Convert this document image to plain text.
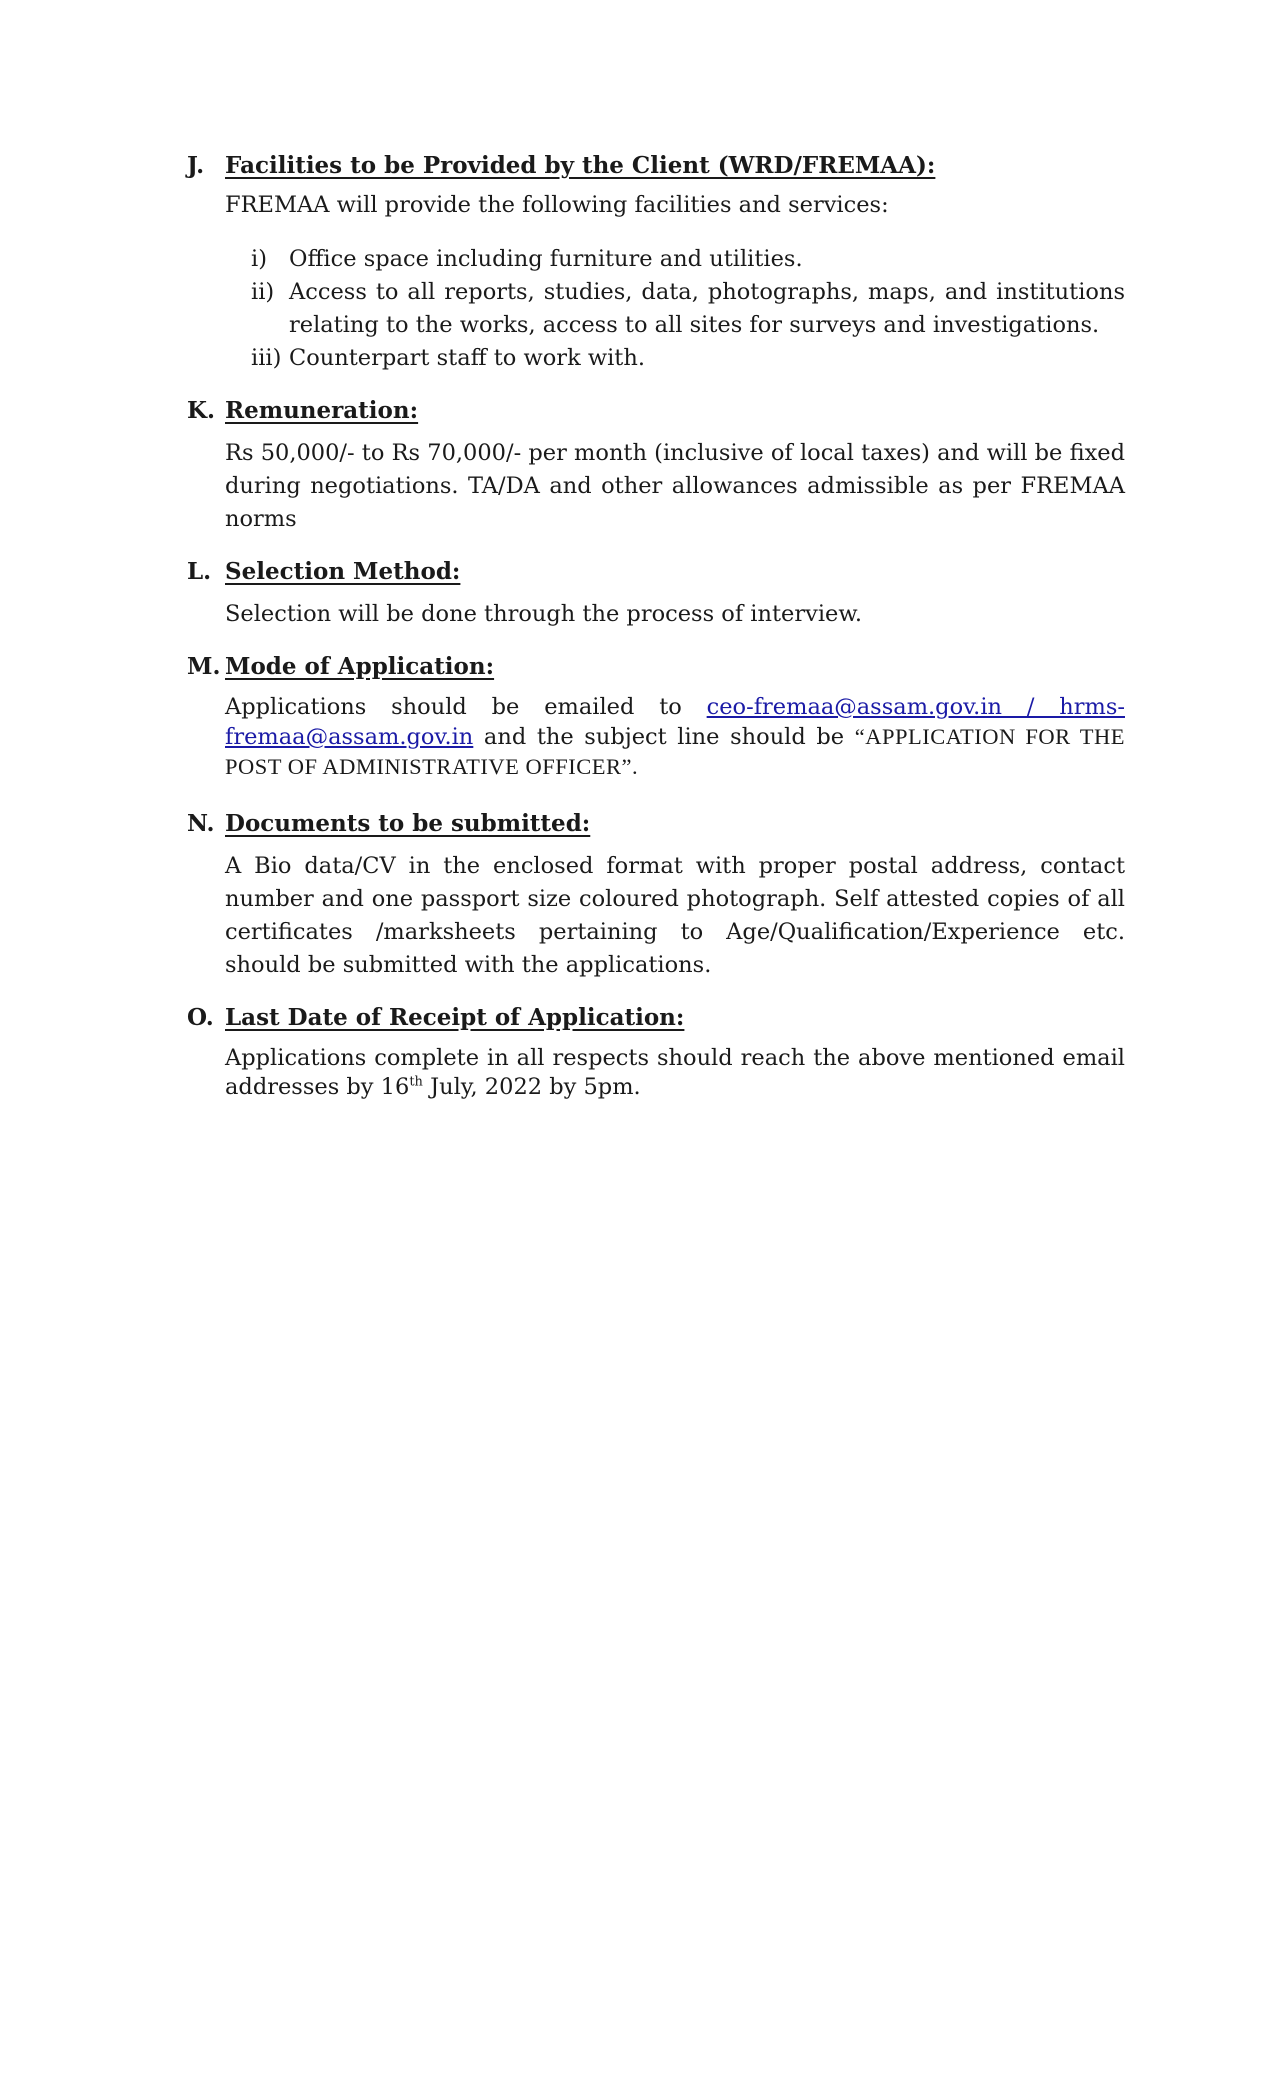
J. Facilities to be Provided by the Client (WRD/FREMAA):
FREMAA will provide the following facilities and services:
i) Office space including furniture and utilities.
ii) Access to all reports, studies, data, photographs, maps, and institutions relating to the works, access to all sites for surveys and investigations.
iii) Counterpart staff to work with.
K. Remuneration:
Rs 50,000/- to Rs 70,000/- per month (inclusive of local taxes) and will be fixed during negotiations. TA/DA and other allowances admissible as per FREMAA norms
L. Selection Method:
Selection will be done through the process of interview.
M. Mode of Application:
Applications should be emailed to ceo-fremaa@assam.gov.in / hrms-fremaa@assam.gov.in and the subject line should be “APPLICATION FOR THE POST OF ADMINISTRATIVE OFFICER”.
N. Documents to be submitted:
A Bio data/CV in the enclosed format with proper postal address, contact number and one passport size coloured photograph. Self attested copies of all certificates /marksheets pertaining to Age/Qualification/Experience etc. should be submitted with the applications.
O. Last Date of Receipt of Application:
Applications complete in all respects should reach the above mentioned email addresses by 16th July, 2022 by 5pm.
